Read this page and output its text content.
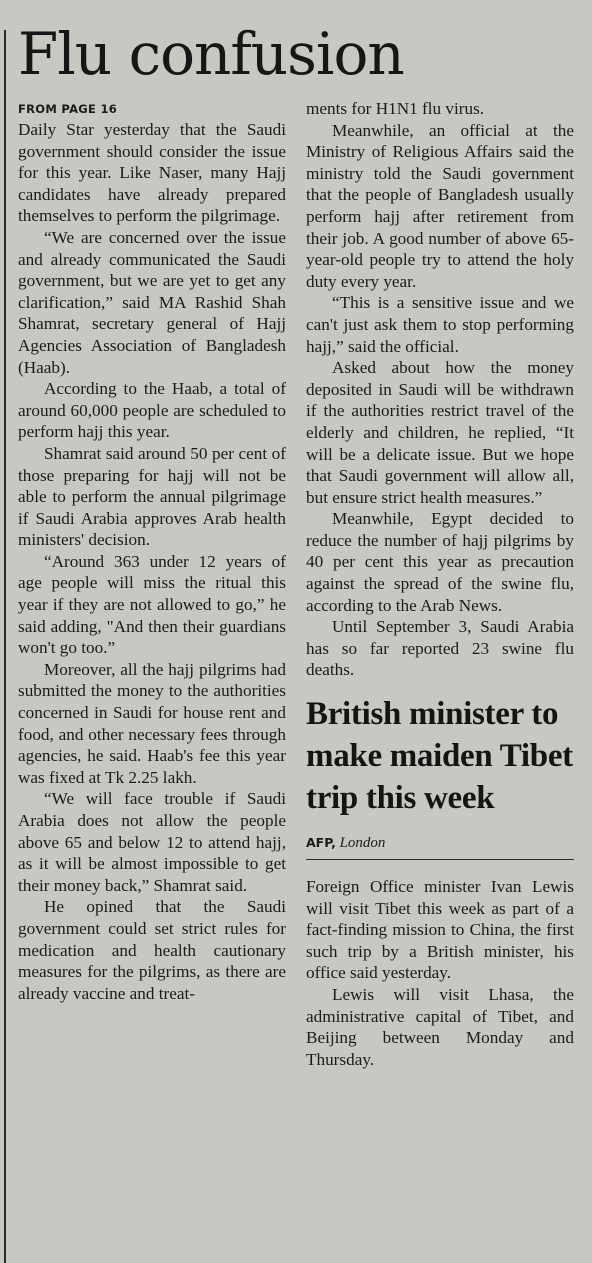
Flu confusion
FROM PAGE 16

Daily Star yesterday that the Saudi government should consider the issue for this year. Like Naser, many Hajj candidates have already prepared themselves to perform the pilgrimage.

“We are concerned over the issue and already communicated the Saudi government, but we are yet to get any clarification,” said MA Rashid Shah Shamrat, secretary general of Hajj Agencies Association of Bangladesh (Haab).

According to the Haab, a total of around 60,000 people are scheduled to perform hajj this year.

Shamrat said around 50 per cent of those preparing for hajj will not be able to perform the annual pilgrimage if Saudi Arabia approves Arab health ministers' decision.

“Around 363 under 12 years of age people will miss the ritual this year if they are not allowed to go,” he said adding, "And then their guardians won't go too.”

Moreover, all the hajj pilgrims had submitted the money to the authorities concerned in Saudi for house rent and food, and other necessary fees through agencies, he said. Haab's fee this year was fixed at Tk 2.25 lakh.

“We will face trouble if Saudi Arabia does not allow the people above 65 and below 12 to attend hajj, as it will be almost impossible to get their money back,” Shamrat said.

He opined that the Saudi government could set strict rules for medication and health cautionary measures for the pilgrims, as there are already vaccine and treat-

ments for H1N1 flu virus.

Meanwhile, an official at the Ministry of Religious Affairs said the ministry told the Saudi government that the people of Bangladesh usually perform hajj after retirement from their job. A good number of above 65-year-old people try to attend the holy duty every year.

“This is a sensitive issue and we can't just ask them to stop performing hajj,” said the official.

Asked about how the money deposited in Saudi will be withdrawn if the authorities restrict travel of the elderly and children, he replied, “It will be a delicate issue. But we hope that Saudi government will allow all, but ensure strict health measures.”

Meanwhile, Egypt decided to reduce the number of hajj pilgrims by 40 per cent this year as precaution against the spread of the swine flu, according to the Arab News.

Until September 3, Saudi Arabia has so far reported 23 swine flu deaths.

British minister to make maiden Tibet trip this week
AFP, London

Foreign Office minister Ivan Lewis will visit Tibet this week as part of a fact-finding mission to China, the first such trip by a British minister, his office said yesterday.

Lewis will visit Lhasa, the administrative capital of Tibet, and Beijing between Monday and Thursday.
